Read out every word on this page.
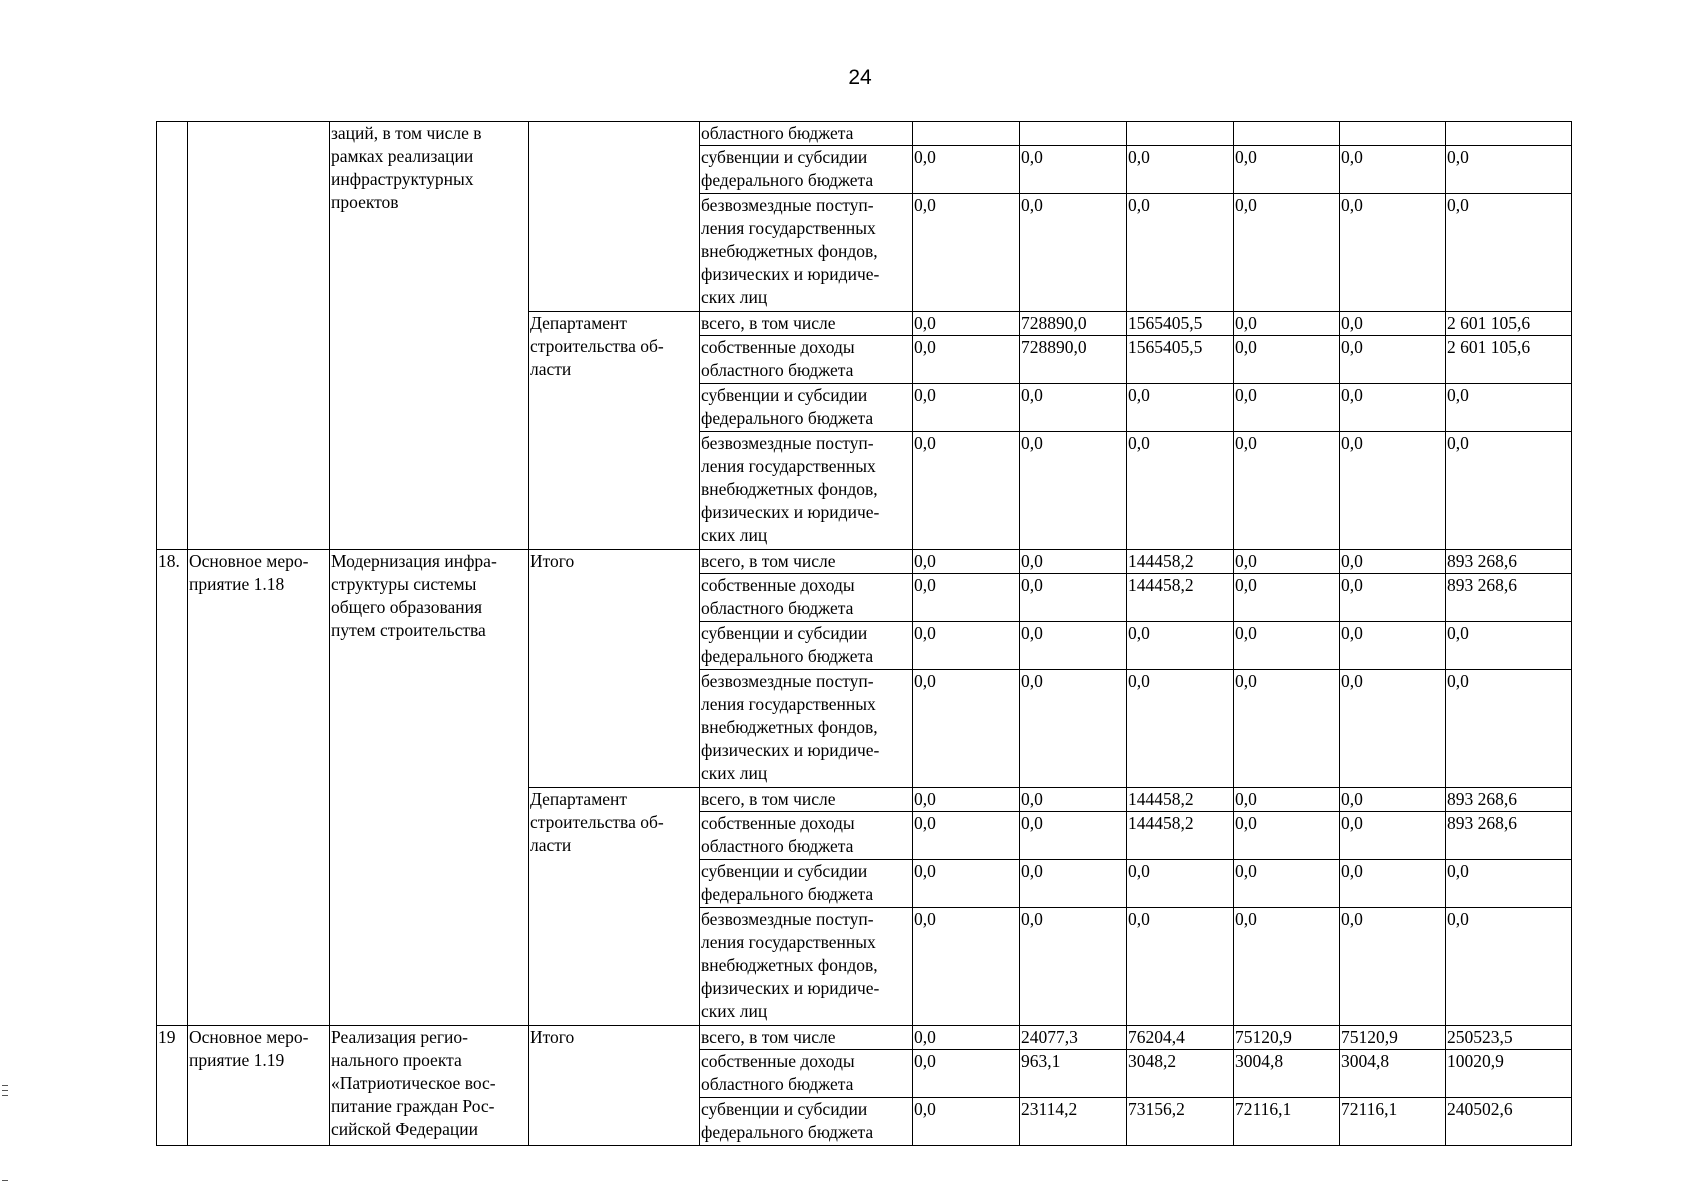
24
		заций, в том числе в рамках реализации инфраструктурных проектов		областного бюджета						
				субвенции и субсидии федерального бюджета	0,0	0,0	0,0	0,0	0,0	0,0
				безвозмездные поступ-ления государственных внебюджетных фондов, физических и юридиче-ских лиц	0,0	0,0	0,0	0,0	0,0	0,0
			Департамент строительства об-ласти	всего, в том числе	0,0	728890,0	1565405,5	0,0	0,0	2 601 105,6
				собственные доходы областного бюджета	0,0	728890,0	1565405,5	0,0	0,0	2 601 105,6
				субвенции и субсидии федерального бюджета	0,0	0,0	0,0	0,0	0,0	0,0
				безвозмездные поступ-ления государственных внебюджетных фондов, физических и юридиче-ских лиц	0,0	0,0	0,0	0,0	0,0	0,0
18.	Основное меро-приятие 1.18	Модернизация инфра-структуры системы общего образования путем строительства	Итого	всего, в том числе	0,0	0,0	144458,2	0,0	0,0	893 268,6
				собственные доходы областного бюджета	0,0	0,0	144458,2	0,0	0,0	893 268,6
				субвенции и субсидии федерального бюджета	0,0	0,0	0,0	0,0	0,0	0,0
				безвозмездные поступ-ления государственных внебюджетных фондов, физических и юридиче-ских лиц	0,0	0,0	0,0	0,0	0,0	0,0
			Департамент строительства об-ласти	всего, в том числе	0,0	0,0	144458,2	0,0	0,0	893 268,6
				собственные доходы областного бюджета	0,0	0,0	144458,2	0,0	0,0	893 268,6
				субвенции и субсидии федерального бюджета	0,0	0,0	0,0	0,0	0,0	0,0
				безвозмездные поступ-ления государственных внебюджетных фондов, физических и юридиче-ских лиц	0,0	0,0	0,0	0,0	0,0	0,0
19	Основное меро-приятие 1.19	Реализация регио-нального проекта «Патриотическое вос-питание граждан Рос-сийской Федерации	Итого	всего, в том числе	0,0	24077,3	76204,4	75120,9	75120,9	250523,5
				собственные доходы областного бюджета	0,0	963,1	3048,2	3004,8	3004,8	10020,9
				субвенции и субсидии федерального бюджета	0,0	23114,2	73156,2	72116,1	72116,1	240502,6
